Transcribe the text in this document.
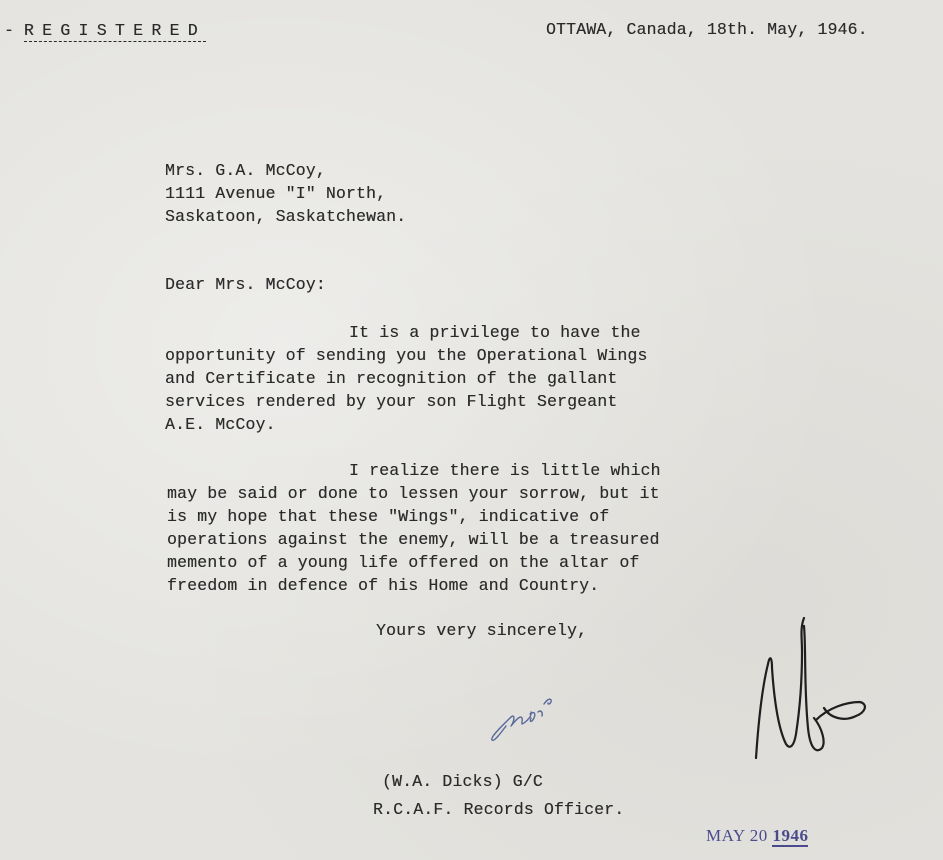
- REGISTERED	OTTAWA, Canada, 18th. May, 1946.
Mrs. G.A. McCoy,
1111 Avenue "I" North,
Saskatoon, Saskatchewan.
Dear Mrs. McCoy:
It is a privilege to have the
opportunity of sending you the Operational Wings
and Certificate in recognition of the gallant
services rendered by your son Flight Sergeant
A.E. McCoy.
I realize there is little which
may be said or done to lessen your sorrow, but it
is my hope that these "Wings", indicative of
operations against the enemy, will be a treasured
memento of a young life offered on the altar of
freedom in defence of his Home and Country.
Yours very sincerely,
(W.A. Dicks) G/C
R.C.A.F. Records Officer.
MAY 20 1946
